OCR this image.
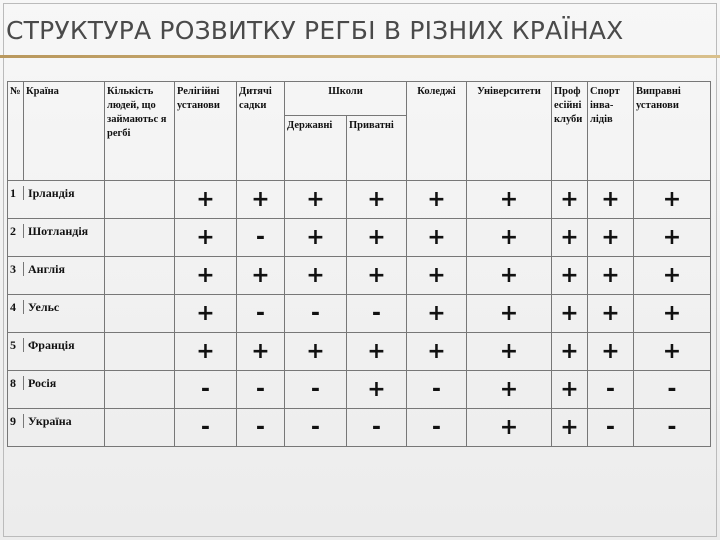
СТРУКТУРА РОЗВИТКУ РЕГБІ В РІЗНИХ КРАЇНАХ
№	Країна	Кількість людей, що займаютьс я регбі	Релігійні установи	Дитячі садки	Школи		Коледжі	Університети	Проф есійні клуби	Спорт інва- лідів	Виправні установи

					Державні	Приватні					

1 Ірландія			+	+	+	+	+	+	+	+	+
2 Шотландія			+	-	+	+	+	+	+	+	+
3 Англія			+	+	+	+	+	+	+	+	+
4 Уельс			+	-	-	-	+	+	+	+	+
5 Франція			+	+	+	+	+	+	+	+	+
8 Росія			-	-	-	+	-	+	+	-	-
9 Україна			-	-	-	-	-	+	+	-	-
